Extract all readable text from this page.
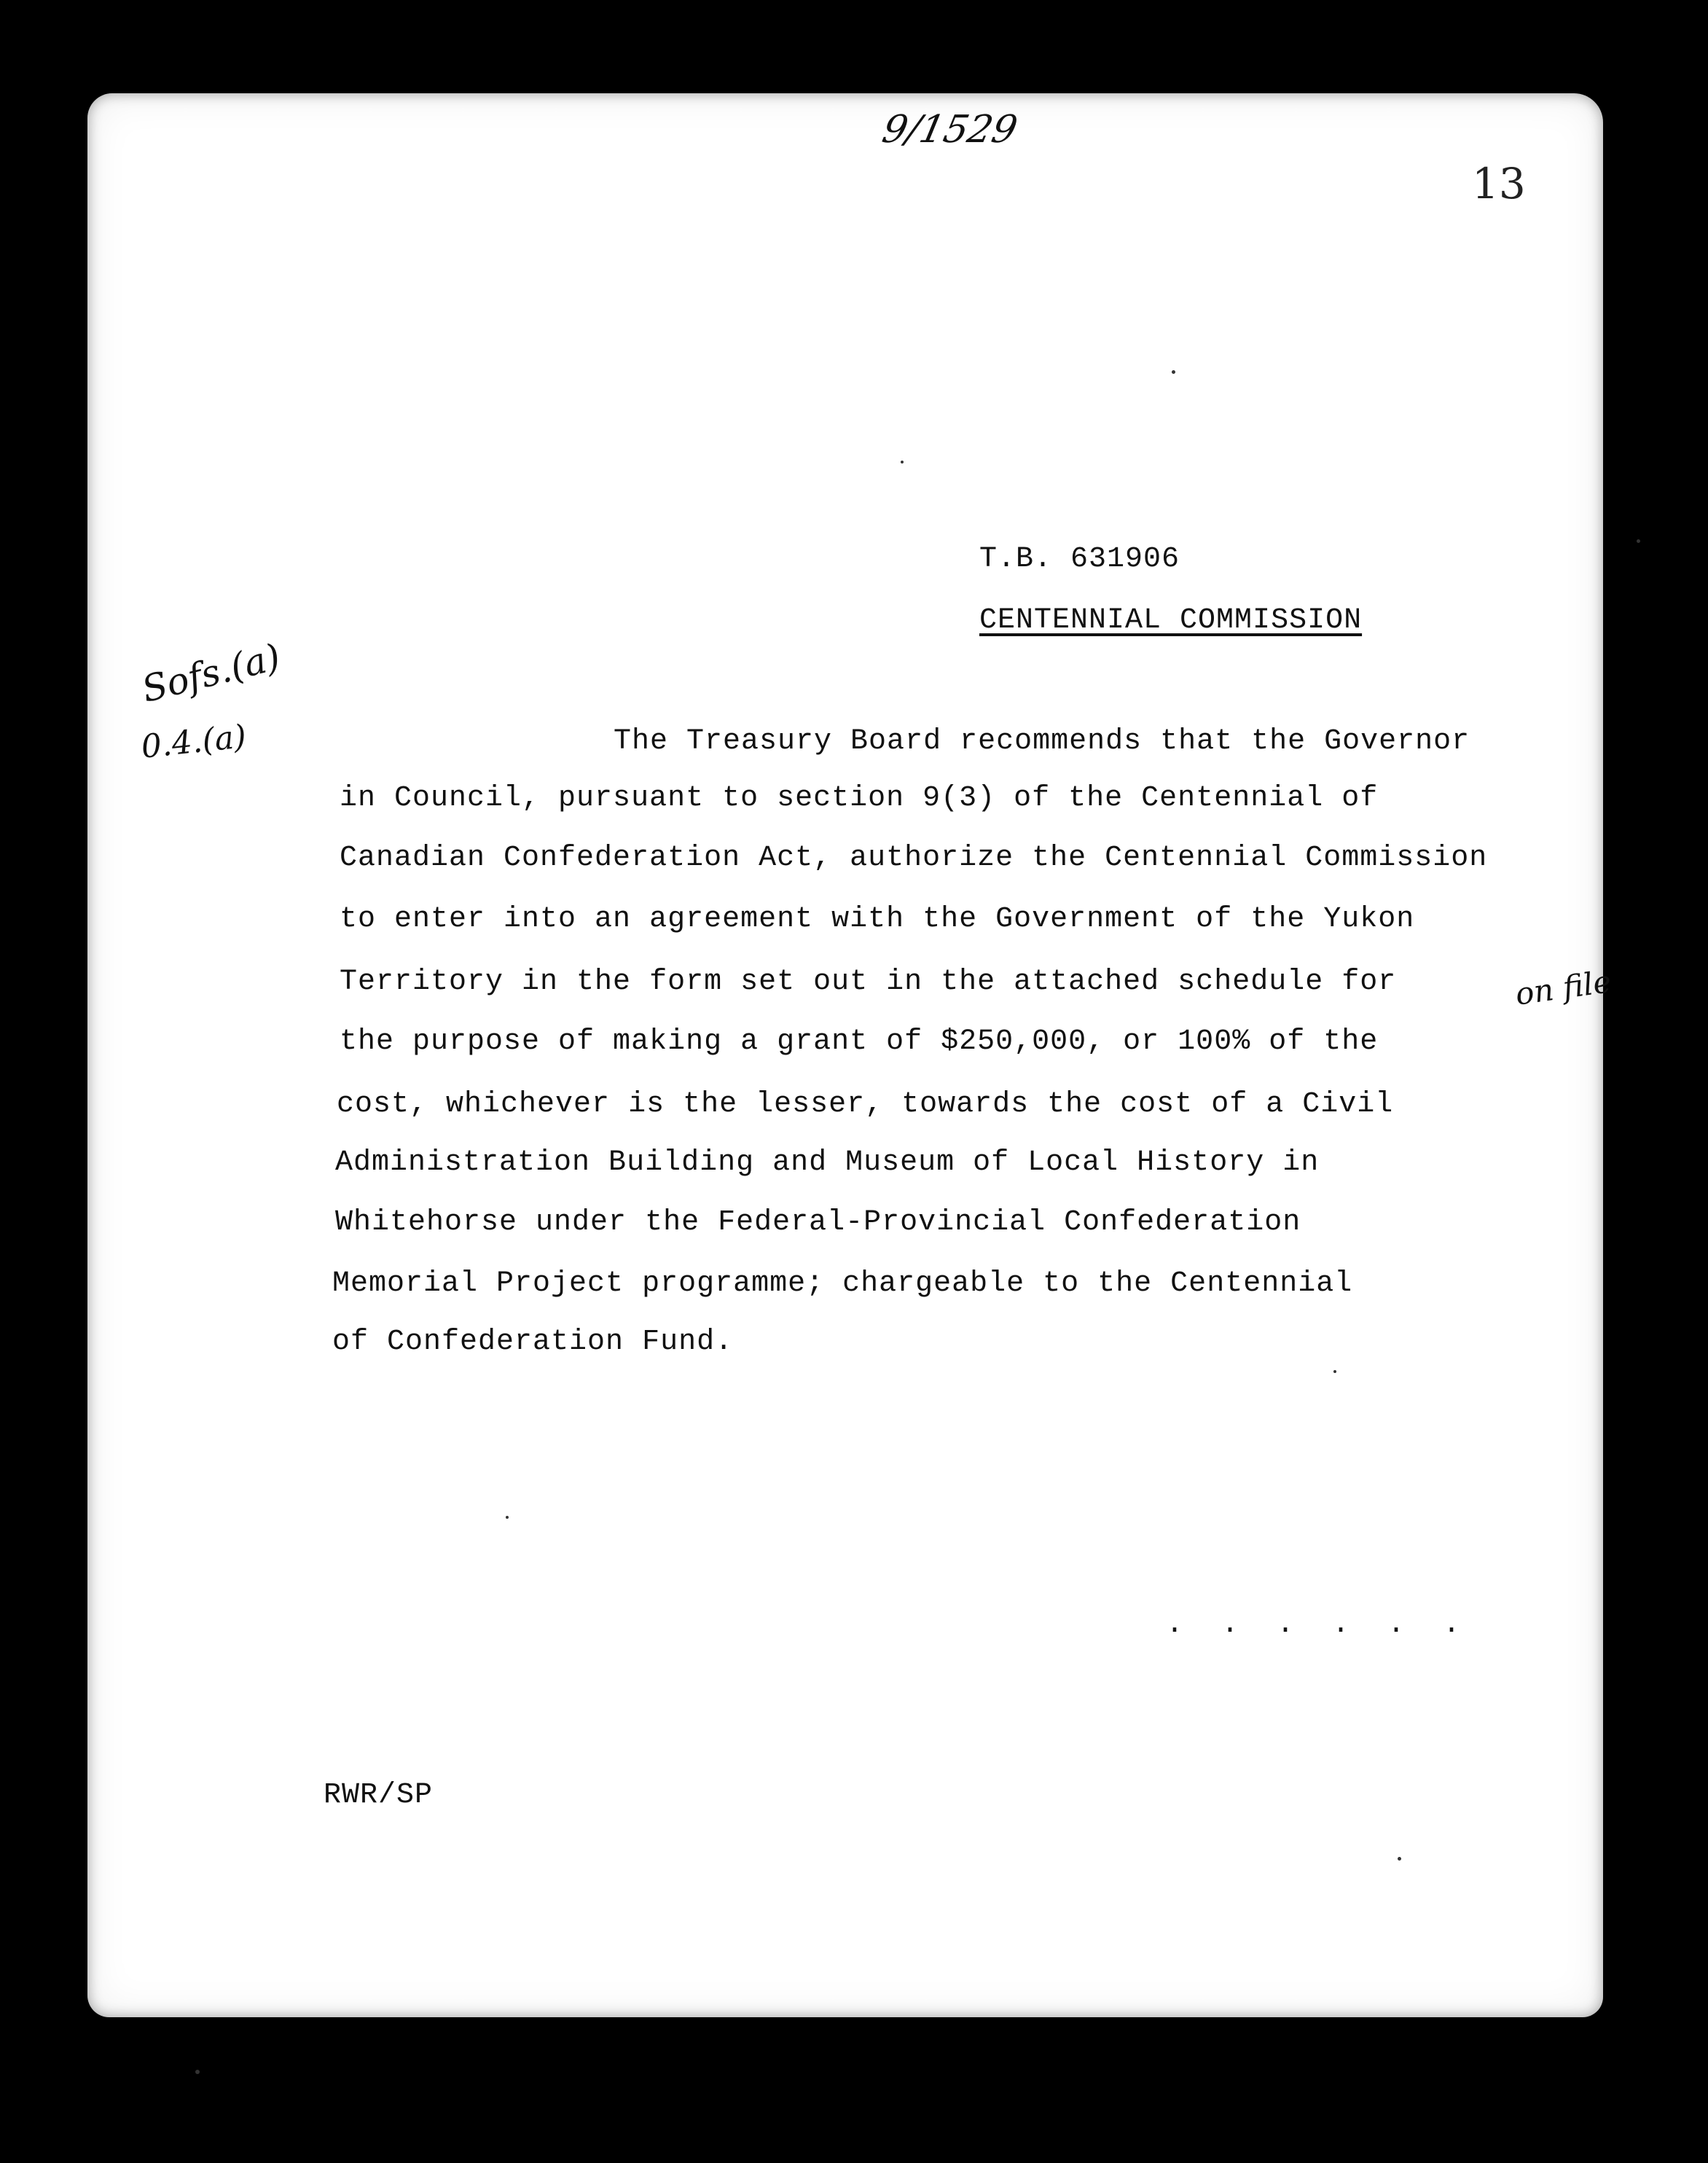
9/1529
13
T.B. 631906
CENTENNIAL COMMISSION
Sofs.(a)
0.4.(a)	The Treasury Board recommends that the Governor
in Council, pursuant to section 9(3) of the Centennial of
Canadian Confederation Act, authorize the Centennial Commission
to enter into an agreement with the Government of the Yukon
Territory in the form set out in the attached schedule for
the purpose of making a grant of $250,000, or 100% of the
cost, whichever is the lesser, towards the cost of a Civil
Administration Building and Museum of Local History in
Whitehorse under the Federal-Provincial Confederation
Memorial Project programme; chargeable to the Centennial
of Confederation Fund.
on file
. . . . . .
RWR/SP
